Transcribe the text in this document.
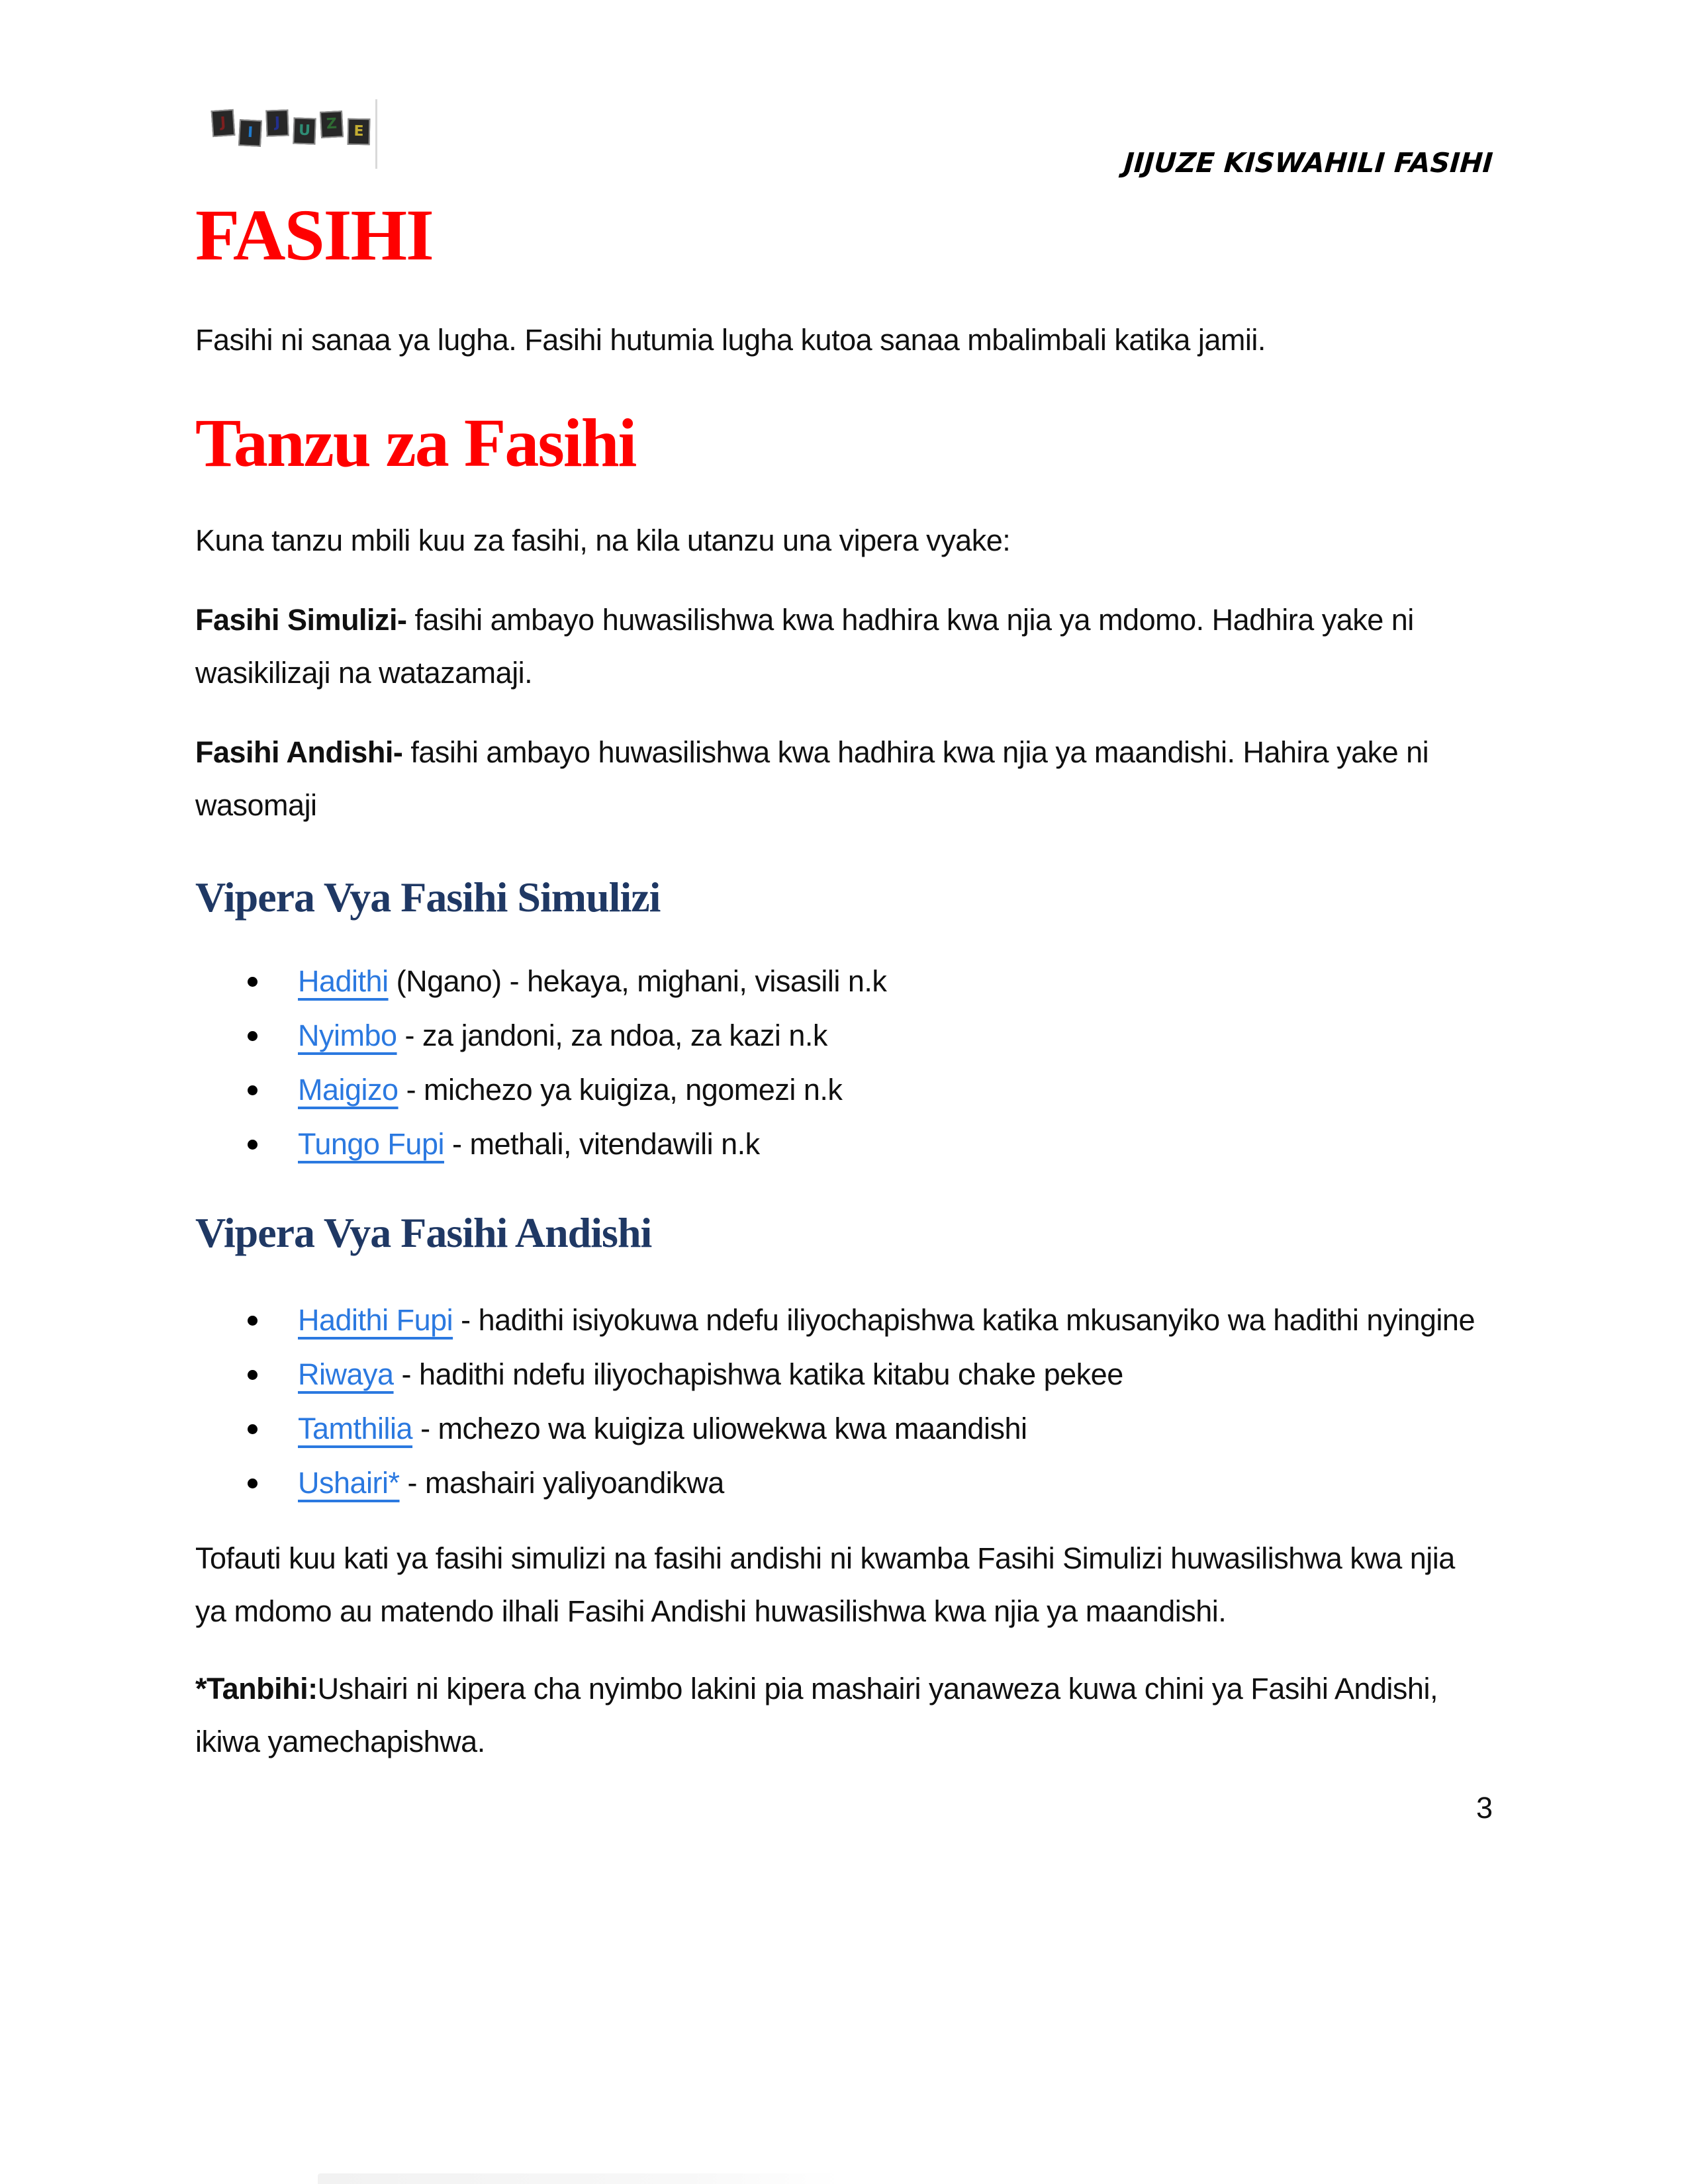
J
I
J	U	Z	E
JIJUZE KISWAHILI FASIHI
FASIHI

Fasihi ni sanaa ya lugha. Fasihi hutumia lugha kutoa sanaa mbalimbali katika jamii.

Tanzu za Fasihi

Kuna tanzu mbili kuu za fasihi, na kila utanzu una vipera vyake:

Fasihi Simulizi- fasihi ambayo huwasilishwa kwa hadhira kwa njia ya mdomo. Hadhira yake ni wasikilizaji na watazamaji.

Fasihi Andishi- fasihi ambayo huwasilishwa kwa hadhira kwa njia ya maandishi. Hahira yake ni wasomaji

Vipera Vya Fasihi Simulizi
Hadithi (Ngano) - hekaya, mighani, visasili n.k
Nyimbo - za jandoni, za ndoa, za kazi n.k
Maigizo - michezo ya kuigiza, ngomezi n.k
Tungo Fupi - methali, vitendawili n.k
Vipera Vya Fasihi Andishi
Hadithi Fupi - hadithi isiyokuwa ndefu iliyochapishwa katika mkusanyiko wa hadithi nyingine
Riwaya - hadithi ndefu iliyochapishwa katika kitabu chake pekee
Tamthilia - mchezo wa kuigiza uliowekwa kwa maandishi
Ushairi* - mashairi yaliyoandikwa

Tofauti kuu kati ya fasihi simulizi na fasihi andishi ni kwamba Fasihi Simulizi huwasilishwa kwa njia ya mdomo au matendo ilhali Fasihi Andishi huwasilishwa kwa njia ya maandishi.

*Tanbihi:Ushairi ni kipera cha nyimbo lakini pia mashairi yanaweza kuwa chini ya Fasihi Andishi, ikiwa yamechapishwa.

3
